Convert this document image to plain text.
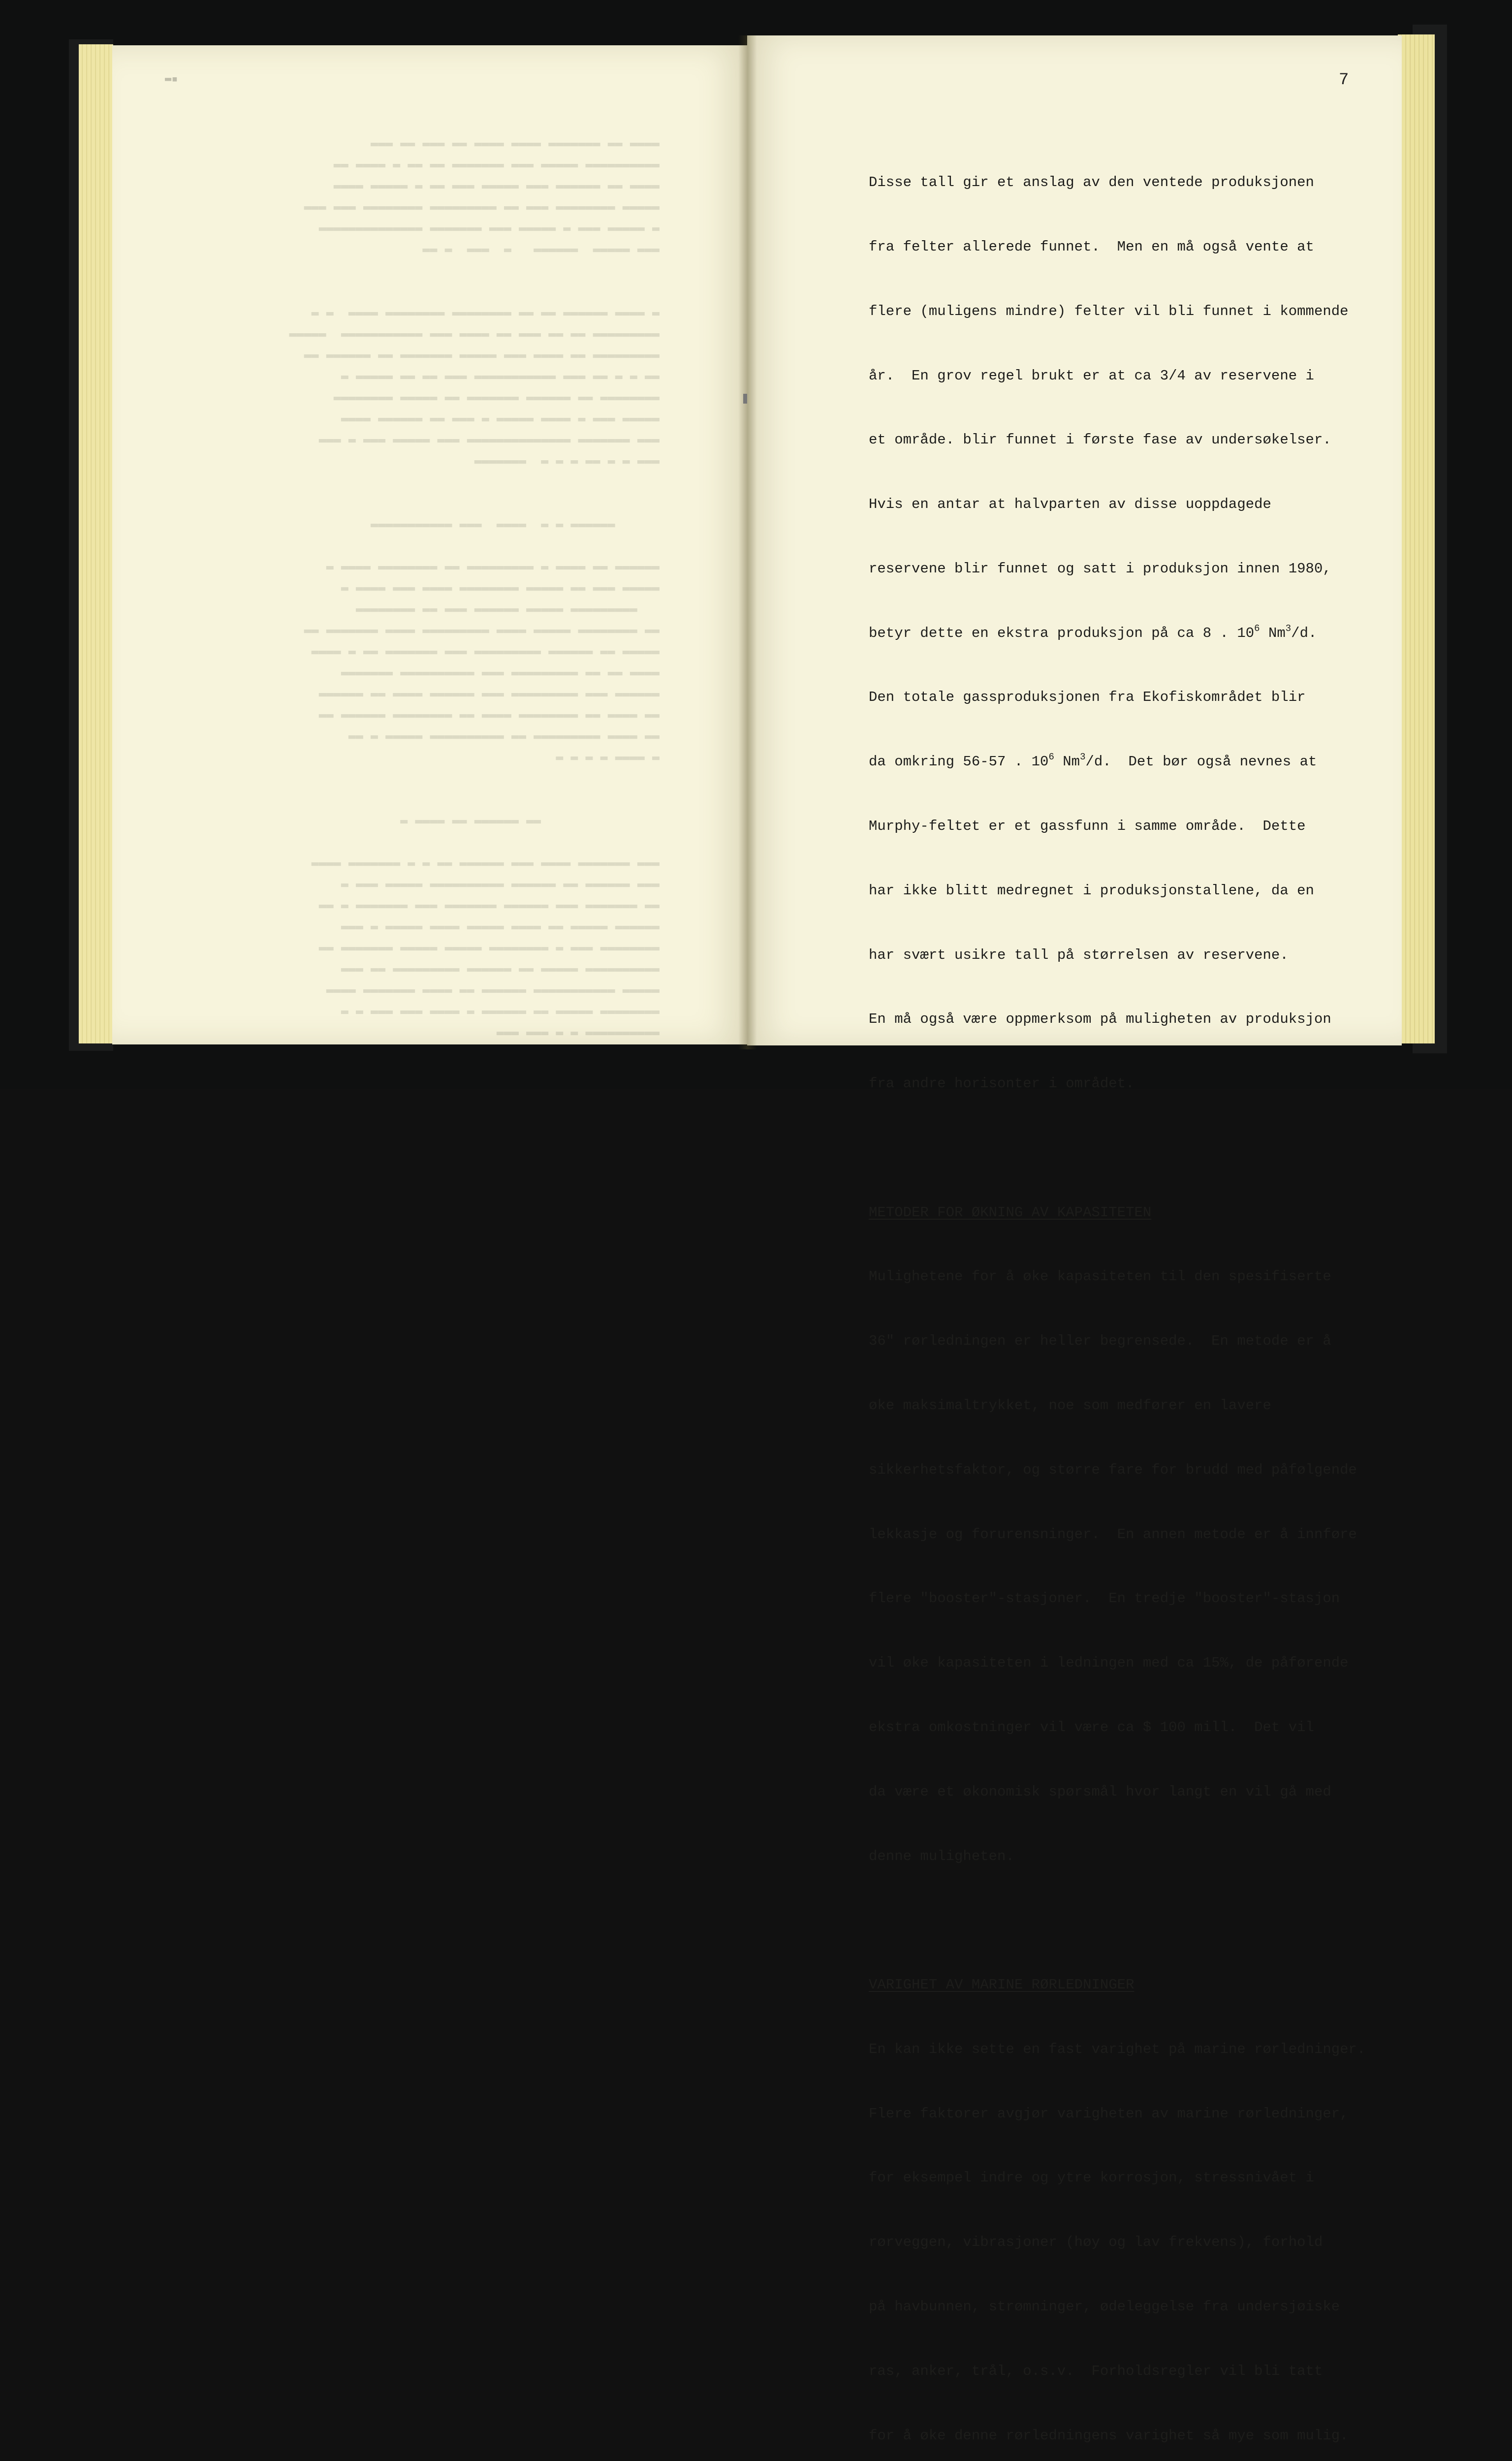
▬▬▬▬ ▬▬ ▬▬▬▬▬▬▬ ▬▬▬▬ ▬▬▬▬ ▬▬ ▬▬▬ ▬▬ ▬▬▬
▬▬▬▬▬▬▬▬▬▬ ▬▬▬▬▬ ▬▬▬ ▬▬▬▬▬▬▬ ▬▬ ▬▬ ▬ ▬▬▬▬ ▬▬
▬▬▬▬ ▬▬ ▬▬▬▬▬▬ ▬▬▬ ▬▬▬▬▬ ▬▬▬ ▬▬ ▬ ▬▬▬▬▬ ▬▬▬▬
▬▬▬▬▬ ▬▬▬▬▬▬▬▬ ▬▬▬ ▬▬ ▬▬▬▬▬▬▬▬▬ ▬▬▬▬▬▬▬▬ ▬▬▬ ▬▬▬
▬ ▬▬▬▬▬ ▬▬▬ ▬ ▬▬▬▬▬ ▬▬▬ ▬▬▬▬▬▬▬ ▬▬▬▬▬▬▬▬▬▬▬▬▬▬
▬▬▬ ▬▬▬▬▬  ▬▬▬▬▬▬   ▬  ▬▬▬  ▬ ▬▬

▬ ▬▬▬▬ ▬▬▬▬▬▬ ▬▬ ▬▬ ▬▬▬▬▬▬▬▬ ▬▬▬▬▬▬▬▬ ▬▬▬▬  ▬ ▬
▬▬▬▬▬▬▬▬▬ ▬▬ ▬▬ ▬▬▬ ▬▬ ▬▬▬▬ ▬▬▬ ▬▬▬▬▬▬▬▬▬▬▬  ▬▬▬▬▬
▬▬▬▬▬▬▬▬▬ ▬▬ ▬▬▬▬ ▬▬▬ ▬▬▬▬▬ ▬▬▬▬▬▬▬ ▬▬ ▬▬▬▬▬▬ ▬▬
▬▬ ▬ ▬ ▬▬ ▬▬▬ ▬▬▬▬▬▬▬▬▬▬▬ ▬▬▬ ▬▬ ▬▬ ▬▬▬▬▬ ▬
▬▬▬▬▬▬▬▬ ▬▬ ▬▬▬▬▬▬ ▬▬▬▬▬▬▬ ▬▬ ▬▬▬▬▬ ▬▬▬▬▬▬▬▬
▬▬▬▬▬ ▬▬▬ ▬ ▬▬▬▬ ▬▬▬▬▬ ▬ ▬▬▬ ▬▬ ▬▬▬▬▬▬ ▬▬▬▬
▬▬▬ ▬▬▬▬▬▬▬ ▬▬▬▬▬▬▬▬▬▬▬▬▬▬ ▬▬▬ ▬▬▬▬▬ ▬▬▬ ▬ ▬▬▬
▬▬▬ ▬ ▬ ▬▬ ▬ ▬ ▬  ▬▬▬▬▬▬▬

▬▬▬▬▬▬ ▬ ▬  ▬▬▬▬  ▬▬▬ ▬▬▬▬▬▬▬▬▬▬▬

▬▬▬▬▬▬ ▬▬ ▬▬▬▬ ▬ ▬▬▬▬▬▬▬▬▬ ▬▬ ▬▬▬▬▬▬▬▬ ▬▬▬▬ ▬
▬▬▬▬▬ ▬▬▬ ▬▬ ▬▬▬▬▬ ▬▬▬▬▬▬▬▬ ▬▬▬▬ ▬▬▬ ▬▬▬▬ ▬
▬▬▬▬▬▬▬▬▬ ▬▬▬▬▬ ▬▬▬▬▬▬ ▬▬▬ ▬▬ ▬▬▬▬▬▬▬▬
▬▬ ▬▬▬▬▬▬▬▬ ▬▬▬▬▬ ▬▬▬▬ ▬▬▬▬▬▬▬▬▬ ▬▬▬▬ ▬▬▬▬▬▬▬ ▬▬
▬▬▬▬▬ ▬▬ ▬▬▬▬▬▬ ▬▬▬▬▬▬▬▬▬ ▬▬▬ ▬▬▬▬▬▬▬ ▬▬ ▬ ▬▬▬▬
▬▬▬▬ ▬▬ ▬▬ ▬▬▬▬▬▬▬▬▬ ▬▬▬ ▬▬▬▬▬▬▬▬▬▬ ▬▬▬▬▬▬▬
▬▬▬▬▬▬ ▬▬▬ ▬▬▬▬▬▬▬▬▬ ▬▬▬ ▬▬▬▬▬▬ ▬▬▬▬ ▬▬ ▬▬▬▬▬▬
▬▬ ▬▬▬▬ ▬▬ ▬▬▬▬▬▬▬▬ ▬▬▬▬ ▬▬ ▬▬▬▬▬▬▬▬ ▬▬▬▬▬▬ ▬▬
▬▬ ▬▬▬▬ ▬▬▬▬▬▬▬▬▬ ▬▬ ▬▬▬▬▬▬▬▬▬▬ ▬▬▬▬▬ ▬ ▬▬
▬ ▬▬▬▬ ▬ ▬ ▬ ▬

▬▬ ▬▬▬▬▬▬ ▬▬ ▬▬▬▬ ▬

▬▬▬ ▬▬▬▬▬▬▬ ▬▬▬▬ ▬▬▬ ▬▬▬▬▬▬ ▬▬ ▬ ▬ ▬▬▬▬▬▬▬ ▬▬▬▬
▬▬▬ ▬▬▬▬▬▬ ▬▬ ▬▬▬▬▬▬ ▬▬▬▬▬▬▬▬▬▬ ▬▬▬▬▬ ▬▬▬ ▬
▬▬ ▬▬▬▬▬▬▬ ▬▬▬ ▬▬▬▬▬▬ ▬▬▬▬▬▬▬ ▬▬▬ ▬▬▬▬▬▬▬ ▬ ▬▬
▬▬▬▬▬▬ ▬▬▬▬▬ ▬▬ ▬▬▬▬ ▬▬▬▬▬ ▬▬▬▬ ▬▬▬▬▬ ▬ ▬▬▬
▬▬▬▬▬▬▬▬ ▬▬▬ ▬ ▬▬▬▬▬▬▬▬ ▬▬▬▬▬ ▬▬▬▬▬ ▬▬▬▬▬▬▬ ▬▬
▬▬▬▬▬▬▬▬▬▬ ▬▬▬▬▬ ▬▬ ▬▬▬▬▬▬ ▬▬▬▬▬▬▬▬▬ ▬▬ ▬▬▬
▬▬▬▬▬ ▬▬▬▬▬▬▬▬▬▬▬ ▬▬▬▬▬▬ ▬▬ ▬▬▬▬ ▬▬▬▬▬▬▬ ▬▬▬▬
▬▬▬▬▬▬▬▬ ▬▬▬▬▬ ▬▬ ▬▬▬▬▬▬ ▬ ▬▬▬▬ ▬▬▬ ▬▬▬ ▬ ▬
▬▬▬▬▬▬▬▬▬▬ ▬ ▬ ▬▬▬ ▬▬▬
▬▪	7

Disse tall gir et anslag av den ventede produksjonen

fra felter allerede funnet.  Men en må også vente at

flere (muligens mindre) felter vil bli funnet i kommende

år.  En grov regel brukt er at ca 3/4 av reservene i

et område. blir funnet i første fase av undersøkelser.

Hvis en antar at halvparten av disse uoppdagede

reservene blir funnet og satt i produksjon innen 1980,

betyr dette en ekstra produksjon på ca 8 . $10^6$ Nm$^3$/d.

Den totale gassproduksjonen fra Ekofiskområdet blir

da omkring 56-57 . $10^6$ Nm$^3$/d.  Det bør også nevnes at

Murphy-feltet er et gassfunn i samme område.  Dette

har ikke blitt medregnet i produksjonstallene, da en

har svært usikre tall på størrelsen av reservene.

En må også være oppmerksom på muligheten av produksjon

fra andre horisonter i området.

METODER FOR ØKNING AV KAPASITETEN

Mulighetene for å øke kapasiteten til den spesifiserte

36" rørledningen er heller begrensede.  En metode er å

øke maksimaltrykket, noe som medfører en lavere

sikkerhetsfaktor, og større fare for brudd med påfølgende

lekkasje og forurensninger.  En annen metode er å innføre

flere "booster"-stasjoner.  En tredje "booster"-stasjon

vil øke kapasiteten i ledningen med ca 15%, de påførende

ekstra omkostninger vil være ca $ 100 mill.  Det vil

da være et økonomisk spørsmål hvor langt en vil gå med

denne muligheten.

VARIGHET AV MARINE RØRLEDNINGER

En kan ikke sette en fast varighet på marine rørledninger.

Flere faktorer avgjør varigheten av marine rørledninger,

for eksempel indre og ytre korrosjon, stressnivået i

rørveggen, vibrasjoner (høy og lav frekvens), forhold

på havbunnen, strømninger, ødeleggelse fra undersjøiske

ras, anker, trål, o.s.v.  Forholdsregler vil bli tatt

for å øke denne rørledningens varighet så mye som mulig.
